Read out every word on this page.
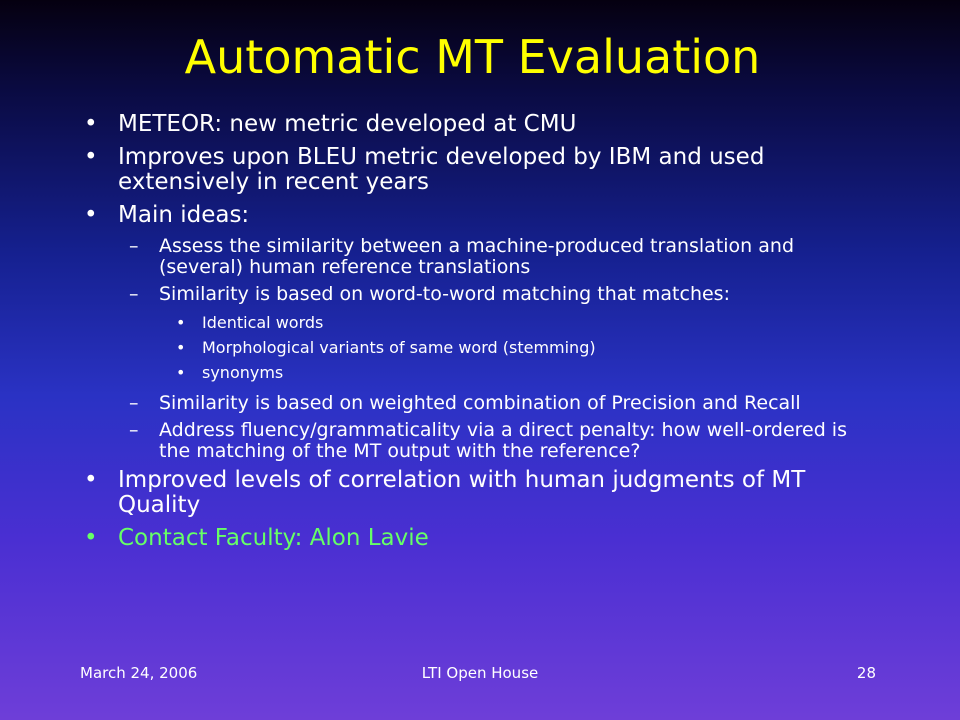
Automatic MT Evaluation
• METEOR: new metric developed at CMU
• Improves upon BLEU metric developed by IBM and used extensively in recent years
• Main ideas:
– Assess the similarity between a machine-produced translation and (several) human reference translations
– Similarity is based on word-to-word matching that matches:
• Identical words
• Morphological variants of same word (stemming)
• synonyms
– Similarity is based on weighted combination of Precision and Recall
– Address fluency/grammaticality via a direct penalty: how well-ordered is the matching of the MT output with the reference?
• Improved levels of correlation with human judgments of MT Quality
• Contact Faculty: Alon Lavie
March 24, 2006	LTI Open House	28
